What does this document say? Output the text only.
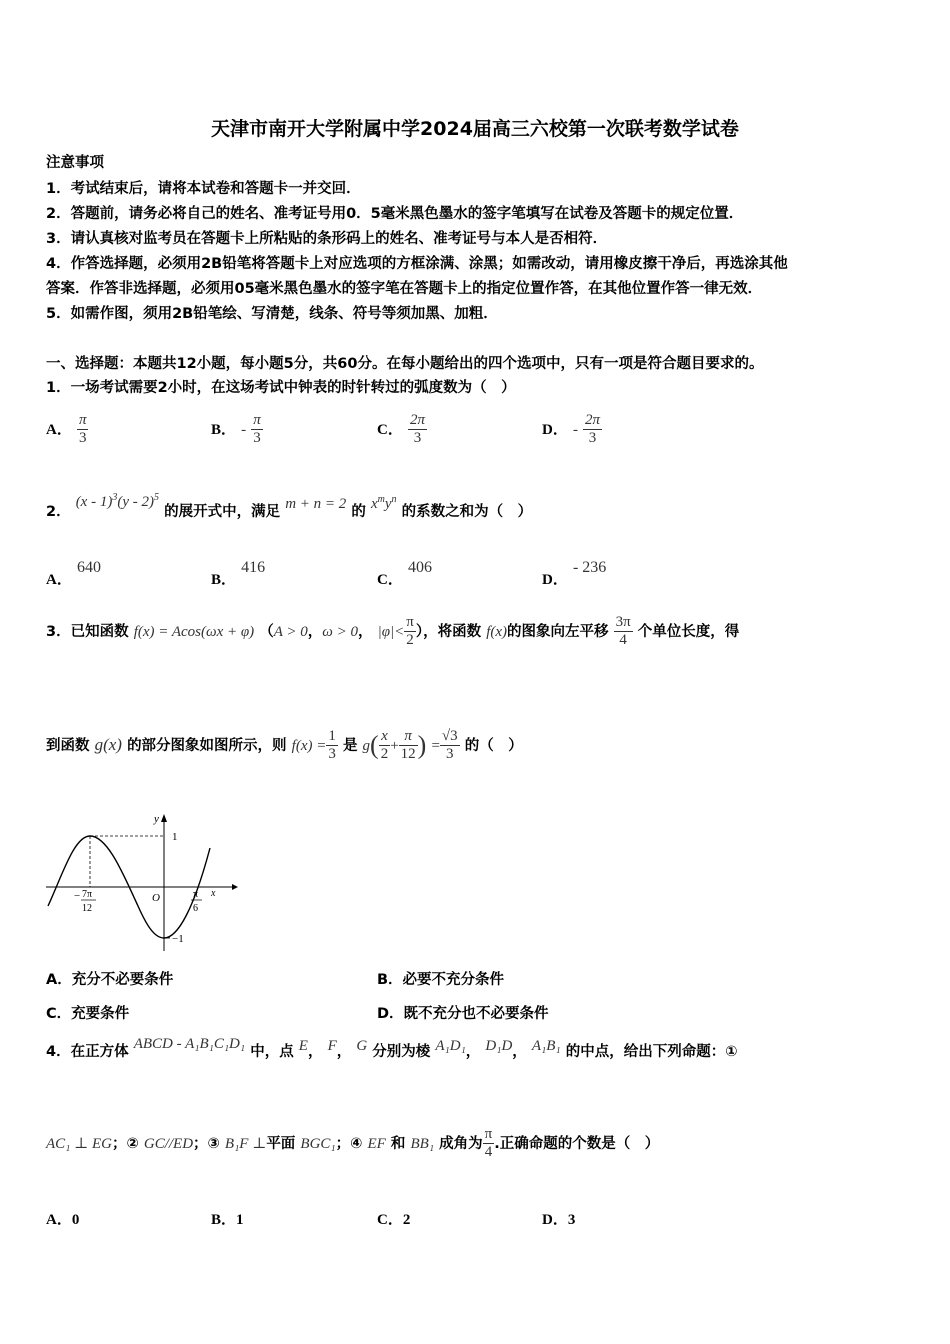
天津市南开大学附属中学2024届高三六校第一次联考数学试卷
注意事项
1．考试结束后，请将本试卷和答题卡一并交回．
2．答题前，请务必将自己的姓名、准考证号用0．5毫米黑色墨水的签字笔填写在试卷及答题卡的规定位置．
3．请认真核对监考员在答题卡上所粘贴的条形码上的姓名、准考证号与本人是否相符．
4．作答选择题，必须用2B铅笔将答题卡上对应选项的方框涂满、涂黑；如需改动，请用橡皮擦干净后，再选涂其他
答案．作答非选择题，必须用05毫米黑色墨水的签字笔在答题卡上的指定位置作答，在其他位置作答一律无效．
5．如需作图，须用2B铅笔绘、写清楚，线条、符号等须加黑、加粗．
一、选择题：本题共12小题，每小题5分，共60分。在每小题给出的四个选项中，只有一项是符合题目要求的。
1．一场考试需要2小时，在这场考试中钟表的时针转过的弧度数为（　）
A． $\frac{\pi}{3}$	B． - $\frac{\pi}{3}$	C． $\frac{2\pi}{3}$	D． - $\frac{2\pi}{3}$
2． (x - 1)$^3$(y - 2)$^5$ 的展开式中，满足 m + n = 2 的 $x^my^n$ 的系数之和为（　）
A． 640
B． 416
C． 406
D． - 236
3．已知函数 f(x) = Acos(ωx + φ) （A > 0，ω > 0， $|\varphi|< \frac{\pi}{2}$ ），将函数 f(x)的图象向左平移 $\frac{3\pi}{4}$ 个单位长度，得
到函数 g(x) 的部分图象如图所示，则 $f(x) = \frac{1}{3}$ 是 $g( \frac{x}{2} + \frac{\pi}{12}$ ) = $\frac{√3}{3}$ 的（　）
y
1
−1
O	x
− 7π
12
π
6
A．充分不必要条件	B．必要不充分条件
C．充要条件	D．既不充分也不必要条件
4．在正方体 ABCD - A₁B₁C₁D₁ 中，点 E， F， G 分别为棱 A₁D₁， D₁D， A₁B₁ 的中点，给出下列命题：①
AC₁ ⊥ EG；② GC//ED；③ B₁F ⊥平面 BGC₁；④ EF 和 BB₁ 成角为 $\frac{\pi}{4}$ .正确命题的个数是（　）
A．0	B．1	C．2	D．3
